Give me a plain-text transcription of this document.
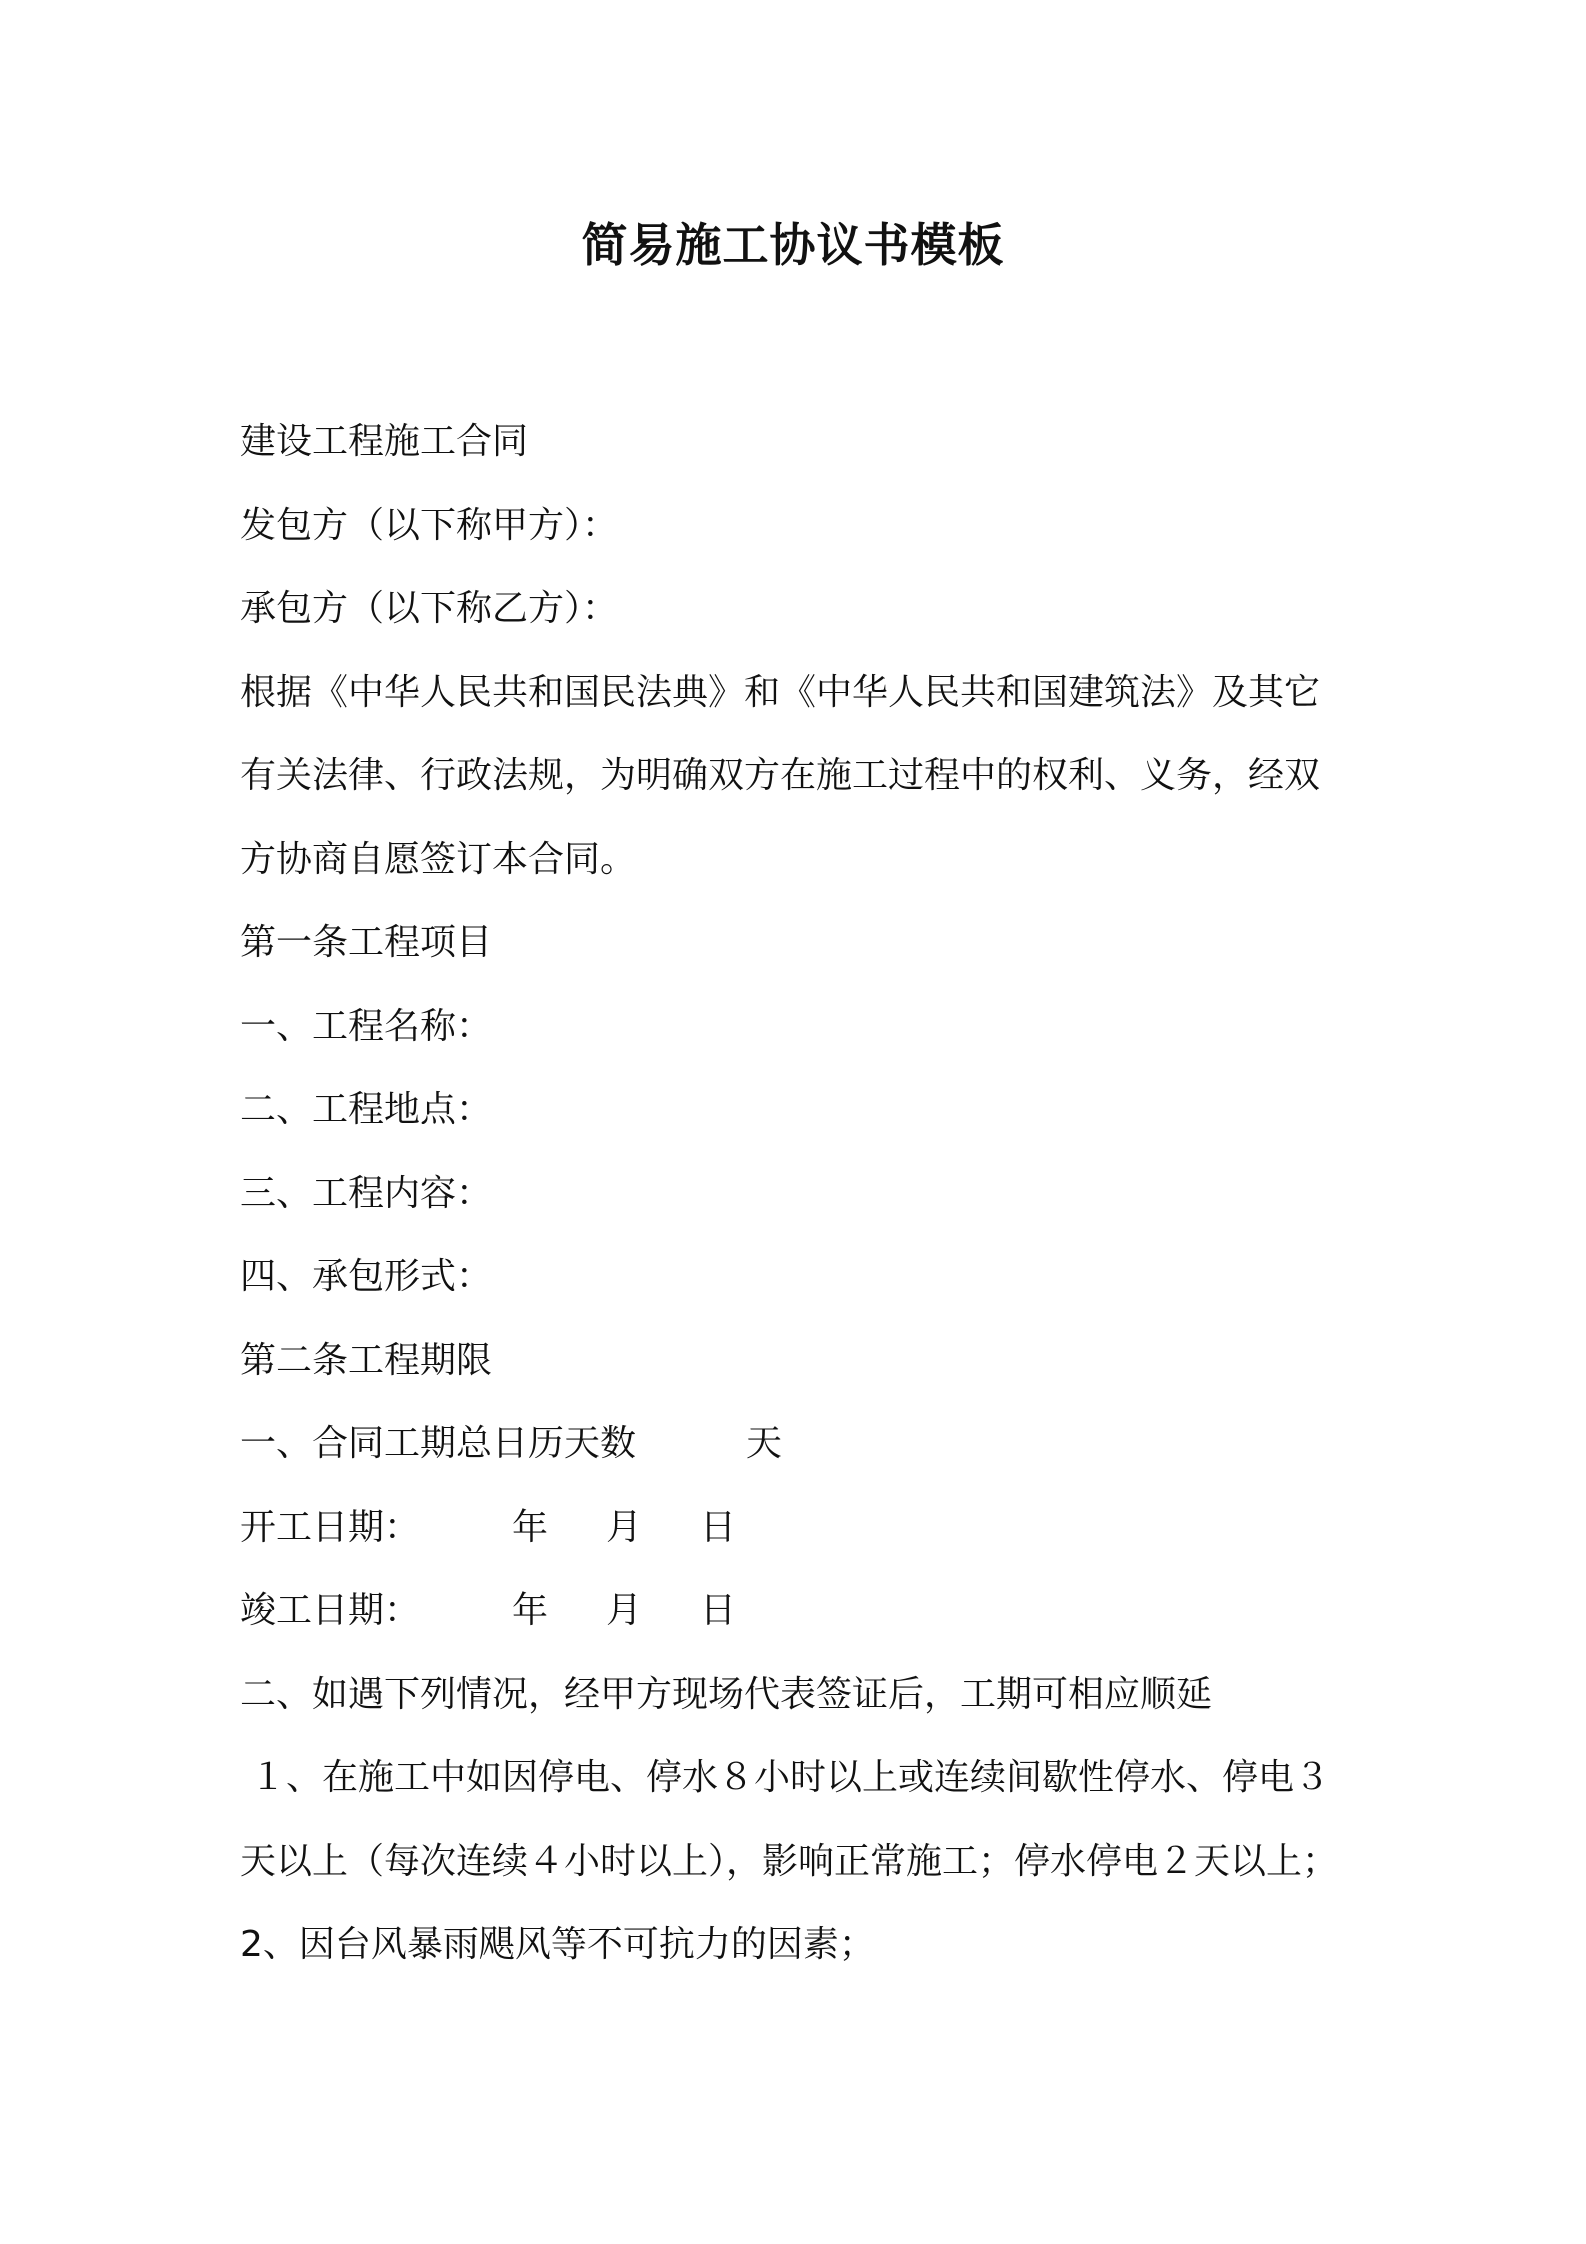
简易施工协议书模板
建设工程施工合同
发包方（以下称甲方）：
承包方（以下称乙方）：
根据《中华人民共和国民法典》和《中华人民共和国建筑法》及其它
有关法律、行政法规，为明确双方在施工过程中的权利、义务，经双
方协商自愿签订本合同。
第一条工程项目
一、工程名称：
二、工程地点：
三、工程内容：
四、承包形式：
第二条工程期限
一、合同工期总日历天数	天
开工日期：	年 月 日
竣工日期：	年 月 日
二、如遇下列情况，经甲方现场代表签证后，工期可相应顺延
１、在施工中如因停电、停水８小时以上或连续间歇性停水、停电３
天以上（每次连续４小时以上），影响正常施工；停水停电２天以上；
2、因台风暴雨飓风等不可抗力的因素；
